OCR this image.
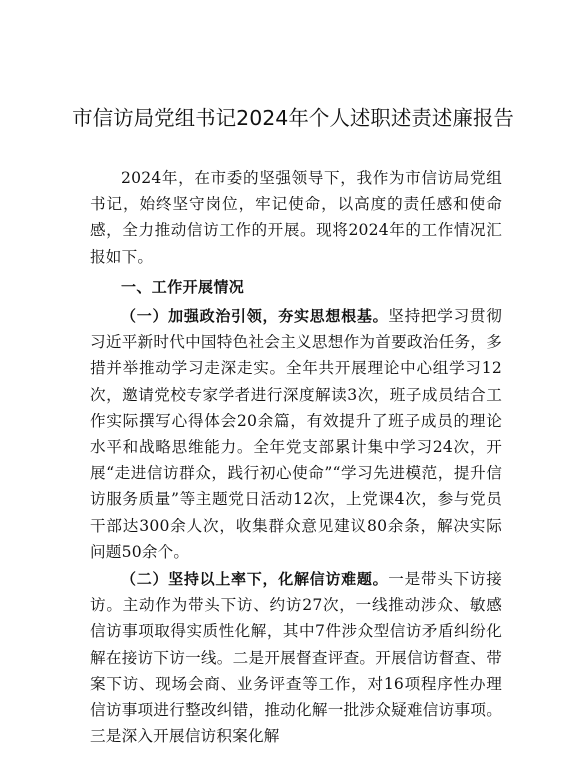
市信访局党组书记2024年个人述职述责述廉报告

2024年，在市委的坚强领导下，我作为市信访局党组书记，始终坚守岗位，牢记使命，以高度的责任感和使命感，全力推动信访工作的开展。现将2024年的工作情况汇报如下。

一、工作开展情况

（一）加强政治引领，夯实思想根基。坚持把学习贯彻习近平新时代中国特色社会主义思想作为首要政治任务，多措并举推动学习走深走实。全年共开展理论中心组学习12次，邀请党校专家学者进行深度解读3次，班子成员结合工作实际撰写心得体会20余篇，有效提升了班子成员的理论水平和战略思维能力。全年党支部累计集中学习24次，开展“走进信访群众，践行初心使命”“学习先进模范，提升信访服务质量”等主题党日活动12次，上党课4次，参与党员干部达300余人次，收集群众意见建议80余条，解决实际问题50余个。

（二）坚持以上率下，化解信访难题。一是带头下访接访。主动作为带头下访、约访27次，一线推动涉众、敏感信访事项取得实质性化解，其中7件涉众型信访矛盾纠纷化解在接访下访一线。二是开展督查评查。开展信访督查、带案下访、现场会商、业务评查等工作，对16项程序性办理信访事项进行整改纠错，推动化解一批涉众疑难信访事项。三是深入开展信访积案化解
